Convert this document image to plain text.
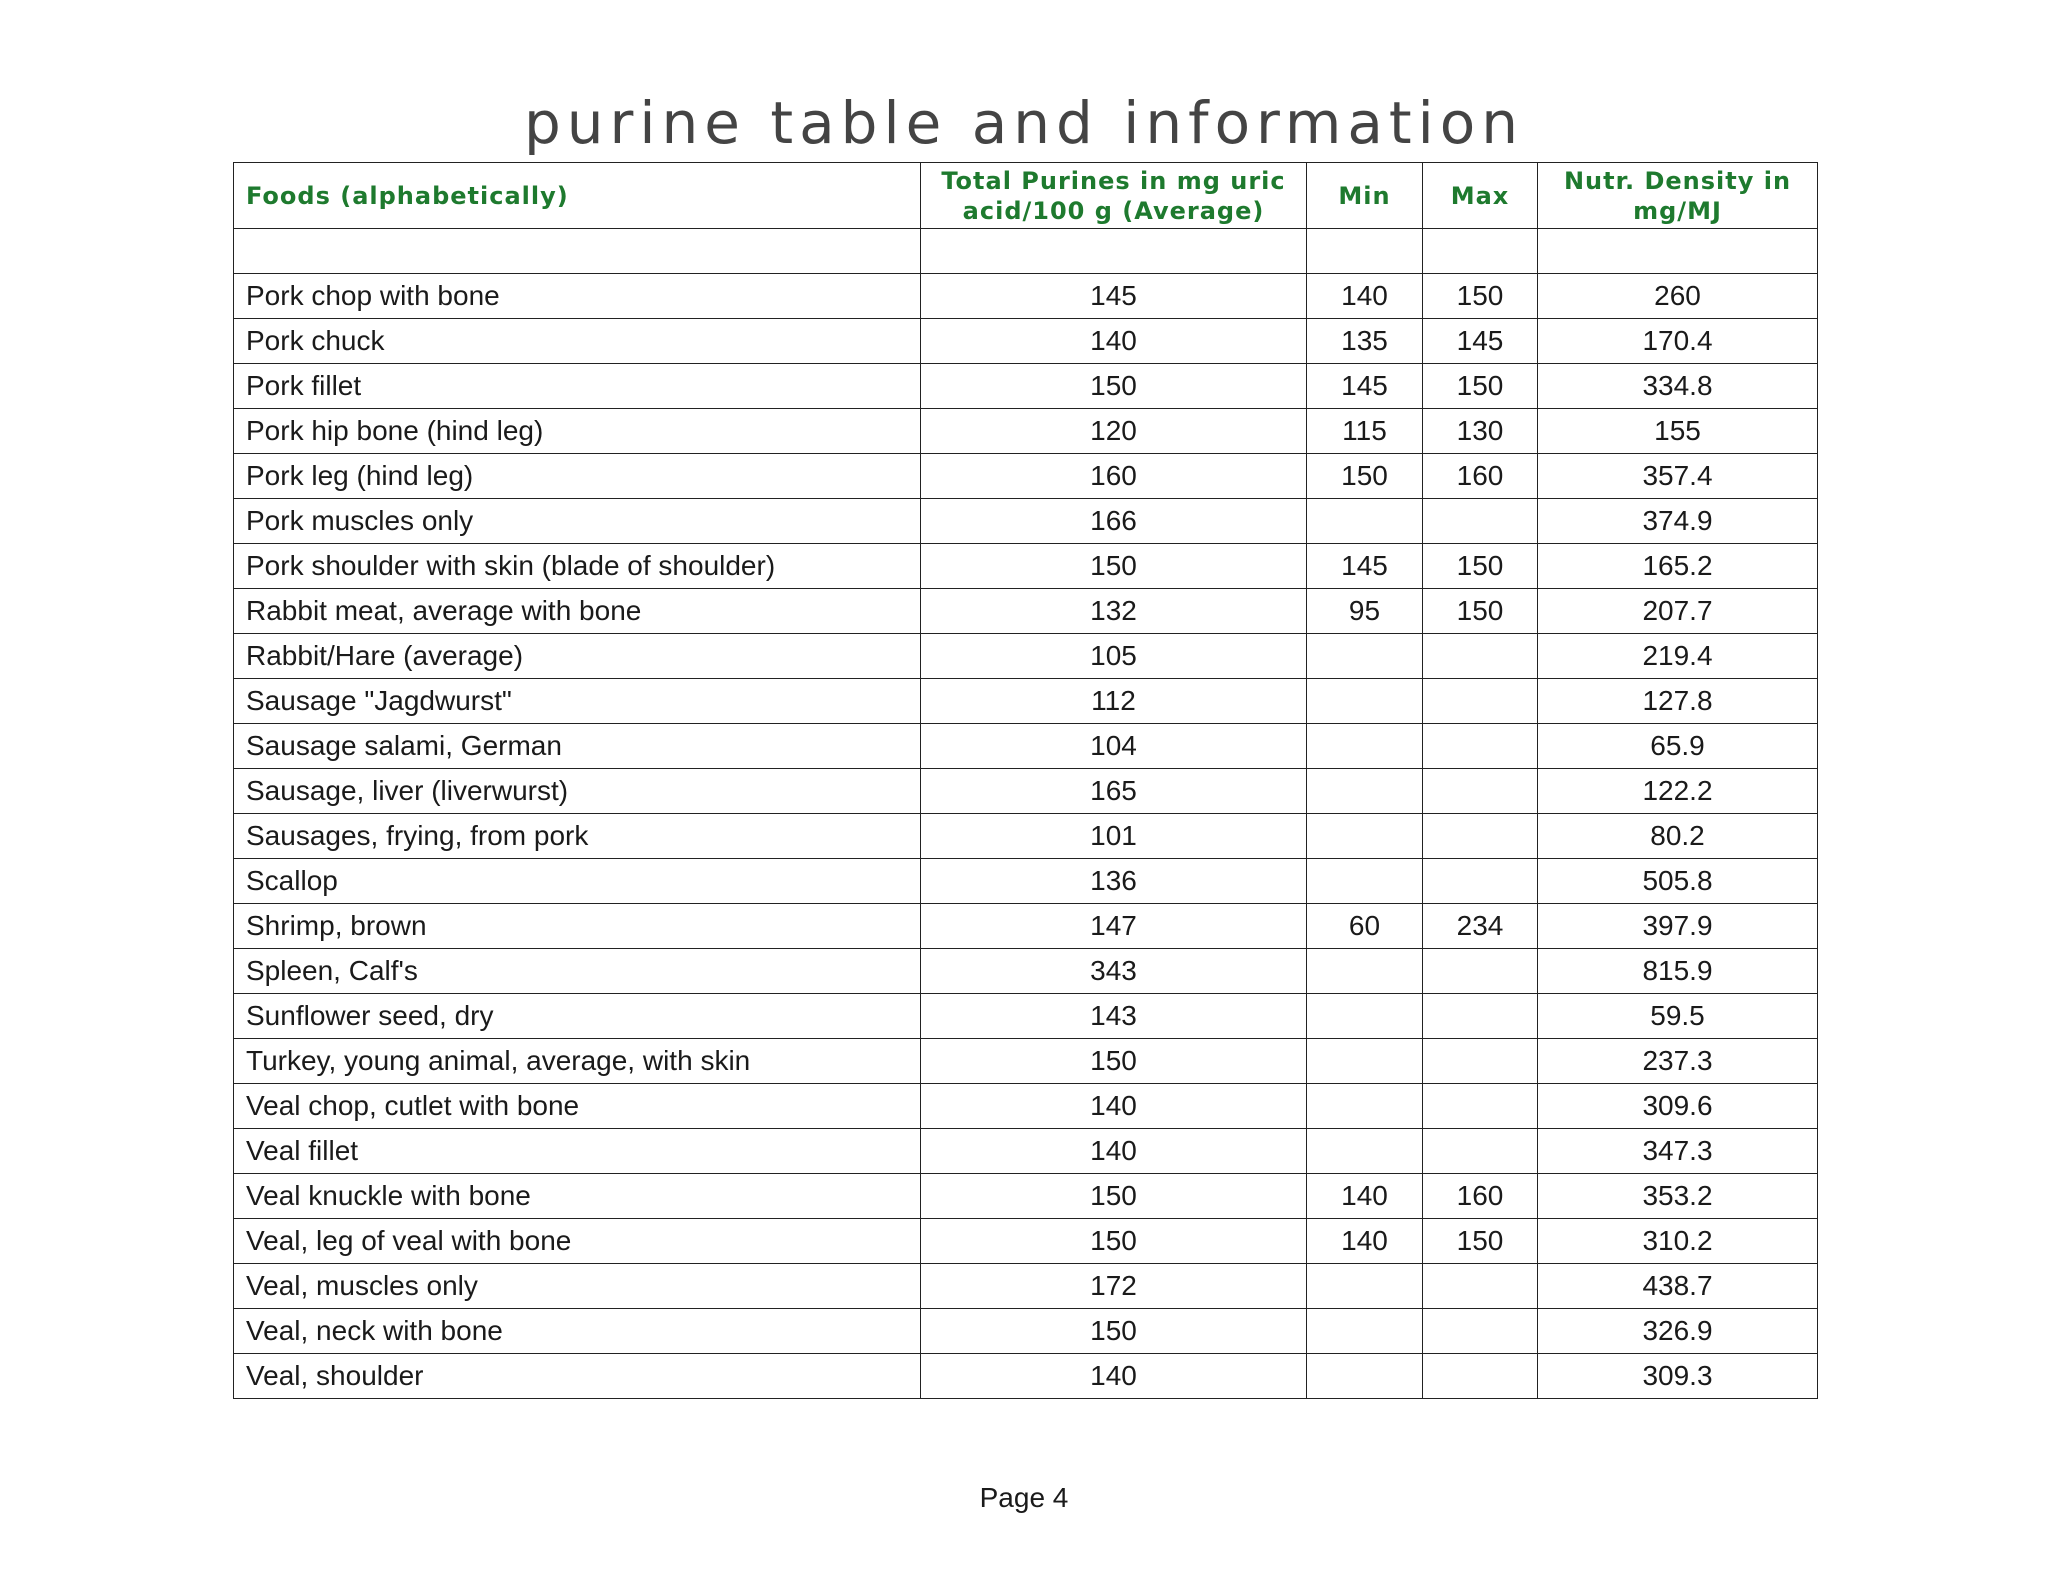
purine table and information
Foods (alphabetically)	Total Purines in mg uric acid/100 g (Average)	Min	Max	Nutr. Density in mg/MJ

Pork chop with bone	145	140	150	260
Pork chuck	140	135	145	170.4
Pork fillet	150	145	150	334.8
Pork hip bone (hind leg)	120	115	130	155
Pork leg (hind leg)	160	150	160	357.4
Pork muscles only	166			374.9
Pork shoulder with skin (blade of shoulder)	150	145	150	165.2
Rabbit meat, average with bone	132	95	150	207.7
Rabbit/Hare (average)	105			219.4
Sausage "Jagdwurst"	112			127.8
Sausage salami, German	104			65.9
Sausage, liver (liverwurst)	165			122.2
Sausages, frying, from pork	101			80.2
Scallop	136			505.8
Shrimp, brown	147	60	234	397.9
Spleen, Calf's	343			815.9
Sunflower seed, dry	143			59.5
Turkey, young animal, average, with skin	150			237.3
Veal chop, cutlet with bone	140			309.6
Veal fillet	140			347.3
Veal knuckle with bone	150	140	160	353.2
Veal, leg of veal with bone	150	140	150	310.2
Veal, muscles only	172			438.7
Veal, neck with bone	150			326.9
Veal, shoulder	140			309.3
Page 4
